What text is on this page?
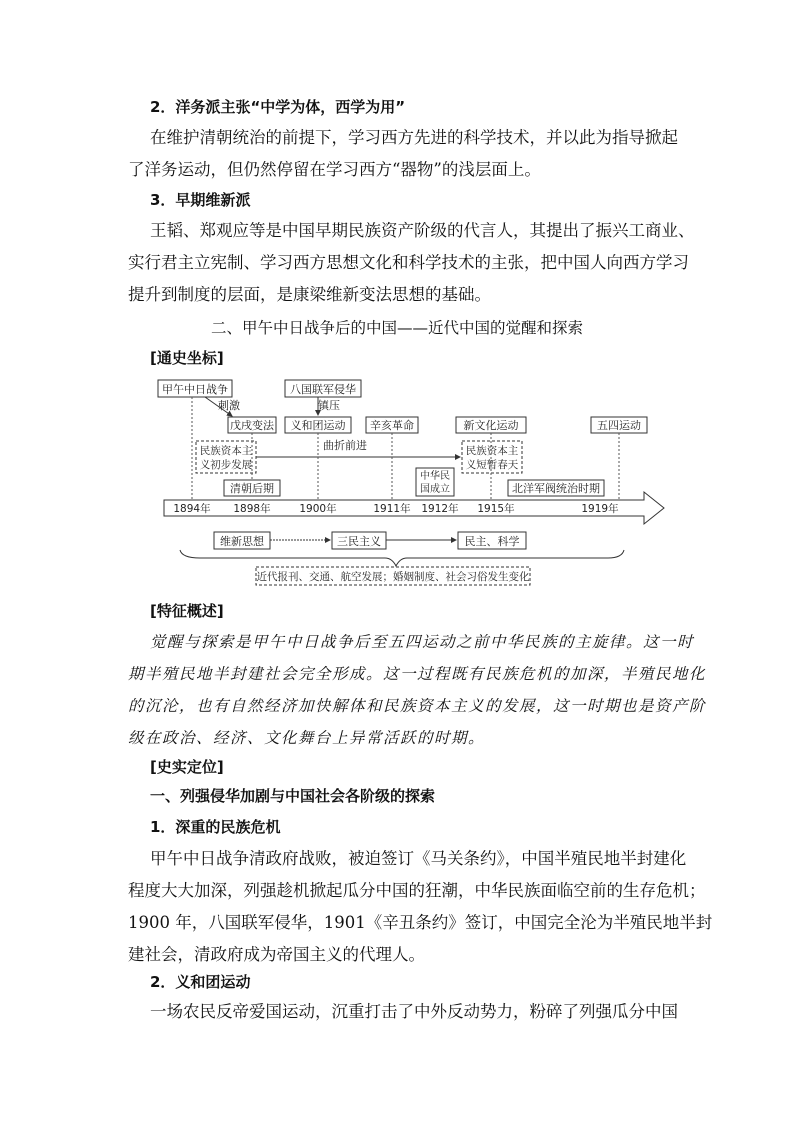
2．洋务派主张“中学为体，西学为用”
在维护清朝统治的前提下，学习西方先进的科学技术，并以此为指导掀起
了洋务运动，但仍然停留在学习西方“器物”的浅层面上。
3．早期维新派
王韬、郑观应等是中国早期民族资产阶级的代言人，其提出了振兴工商业、
实行君主立宪制、学习西方思想文化和科学技术的主张，把中国人向西方学习
提升到制度的层面，是康梁维新变法思想的基础。
二、甲午中日战争后的中国——近代中国的觉醒和探索
[通史坐标]
甲午中日战争	八国联军侵华
刺激	镇压
戊戌变法 义和团运动 辛亥革命	新文化运动	五四运动
民族资本主
义初步发展
曲折前进	民族资本主
义短暂春天
中华民
国成立
清朝后期	北洋军阀统治时期
1894年 1898年	1900年	1911年 1912年 1915年	1919年
维新思想	三民主义	民主、科学
近代报刊、交通、航空发展；婚姻制度、社会习俗发生变化
[特征概述]
觉醒与探索是甲午中日战争后至五四运动之前中华民族的主旋律。这一时
期半殖民地半封建社会完全形成。这一过程既有民族危机的加深，半殖民地化
的沉沦，也有自然经济加快解体和民族资本主义的发展，这一时期也是资产阶
级在政治、经济、文化舞台上异常活跃的时期。
[史实定位]
一、列强侵华加剧与中国社会各阶级的探索
1．深重的民族危机
甲午中日战争清政府战败，被迫签订《马关条约》，中国半殖民地半封建化
程度大大加深，列强趁机掀起瓜分中国的狂潮，中华民族面临空前的生存危机；
1900 年，八国联军侵华，1901《辛丑条约》签订，中国完全沦为半殖民地半封
建社会，清政府成为帝国主义的代理人。
2．义和团运动
一场农民反帝爱国运动，沉重打击了中外反动势力，粉碎了列强瓜分中国
